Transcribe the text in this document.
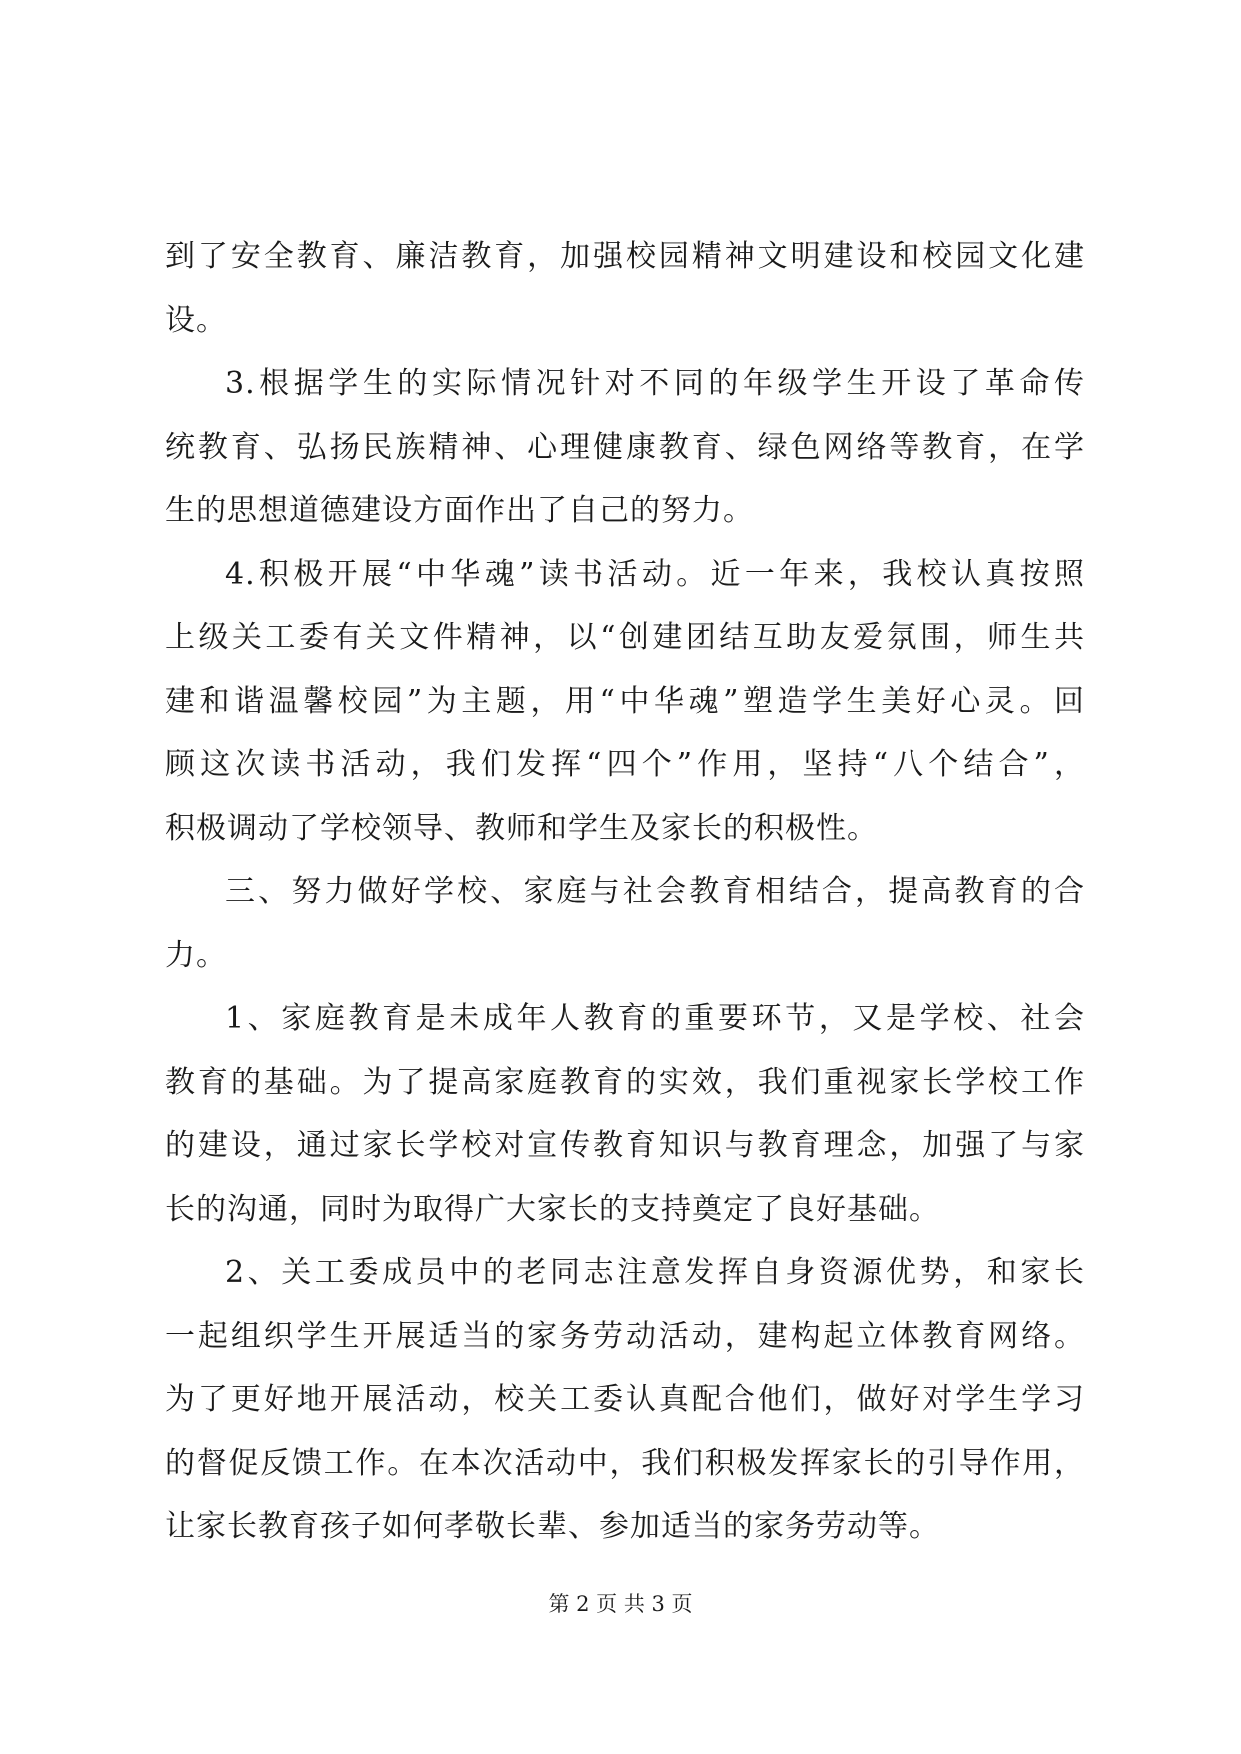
到了安全教育、廉洁教育，加强校园精神文明建设和校园文化建
设。
3.根据学生的实际情况针对不同的年级学生开设了革命传
统教育、弘扬民族精神、心理健康教育、绿色网络等教育，在学
生的思想道德建设方面作出了自己的努力。
4.积极开展“中华魂”读书活动。近一年来，我校认真按照
上级关工委有关文件精神，以“创建团结互助友爱氛围，师生共
建和谐温馨校园”为主题，用“中华魂”塑造学生美好心灵。回
顾这次读书活动，我们发挥“四个”作用，坚持“八个结合”，
积极调动了学校领导、教师和学生及家长的积极性。
三、努力做好学校、家庭与社会教育相结合，提高教育的合
力。
1、家庭教育是未成年人教育的重要环节，又是学校、社会
教育的基础。为了提高家庭教育的实效，我们重视家长学校工作
的建设，通过家长学校对宣传教育知识与教育理念，加强了与家
长的沟通，同时为取得广大家长的支持奠定了良好基础。
2、关工委成员中的老同志注意发挥自身资源优势，和家长
一起组织学生开展适当的家务劳动活动，建构起立体教育网络。
为了更好地开展活动，校关工委认真配合他们，做好对学生学习
的督促反馈工作。在本次活动中，我们积极发挥家长的引导作用，
让家长教育孩子如何孝敬长辈、参加适当的家务劳动等。
第 2 页 共 3 页
